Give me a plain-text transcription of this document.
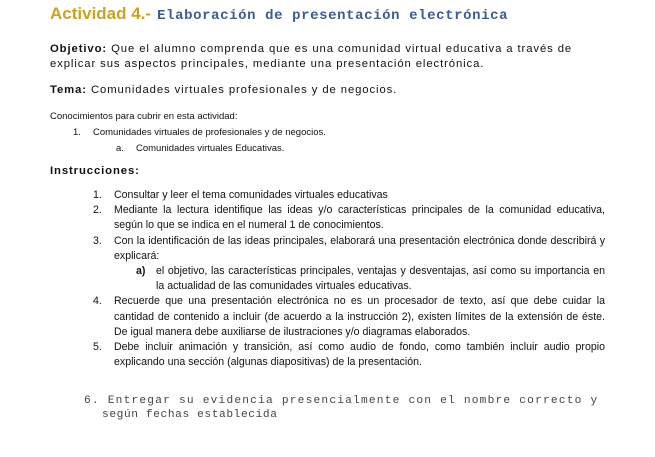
Actividad 4.- Elaboración de presentación electrónica
Objetivo: Que el alumno comprenda que es una comunidad virtual educativa a través de explicar sus aspectos principales, mediante una presentación electrónica.
Tema: Comunidades virtuales profesionales y de negocios.
Conocimientos para cubrir en esta actividad:
1. Comunidades virtuales de profesionales y de negocios.
a. Comunidades virtuales Educativas.
Instrucciones:
1. Consultar y leer el tema comunidades virtuales educativas
2. Mediante la lectura identifique las ideas y/o características principales de la comunidad educativa, según lo que se indica en el numeral 1 de conocimientos.
3. Con la identificación de las ideas principales, elaborará una presentación electrónica donde describirá y explicará:
a) el objetivo, las características principales, ventajas y desventajas, así como su importancia en la actualidad de las comunidades virtuales educativas.
4. Recuerde que una presentación electrónica no es un procesador de texto, así que debe cuidar la cantidad de contenido a incluir (de acuerdo a la instrucción 2), existen límites de la extensión de éste. De igual manera debe auxiliarse de ilustraciones y/o diagramas elaborados.
5. Debe incluir animación y transición, así como audio de fondo, como también incluir audio propio explicando una sección (algunas diapositivas) de la presentación.
6. Entregar su evidencia presencialmente con el nombre correcto y
según fechas establecida
